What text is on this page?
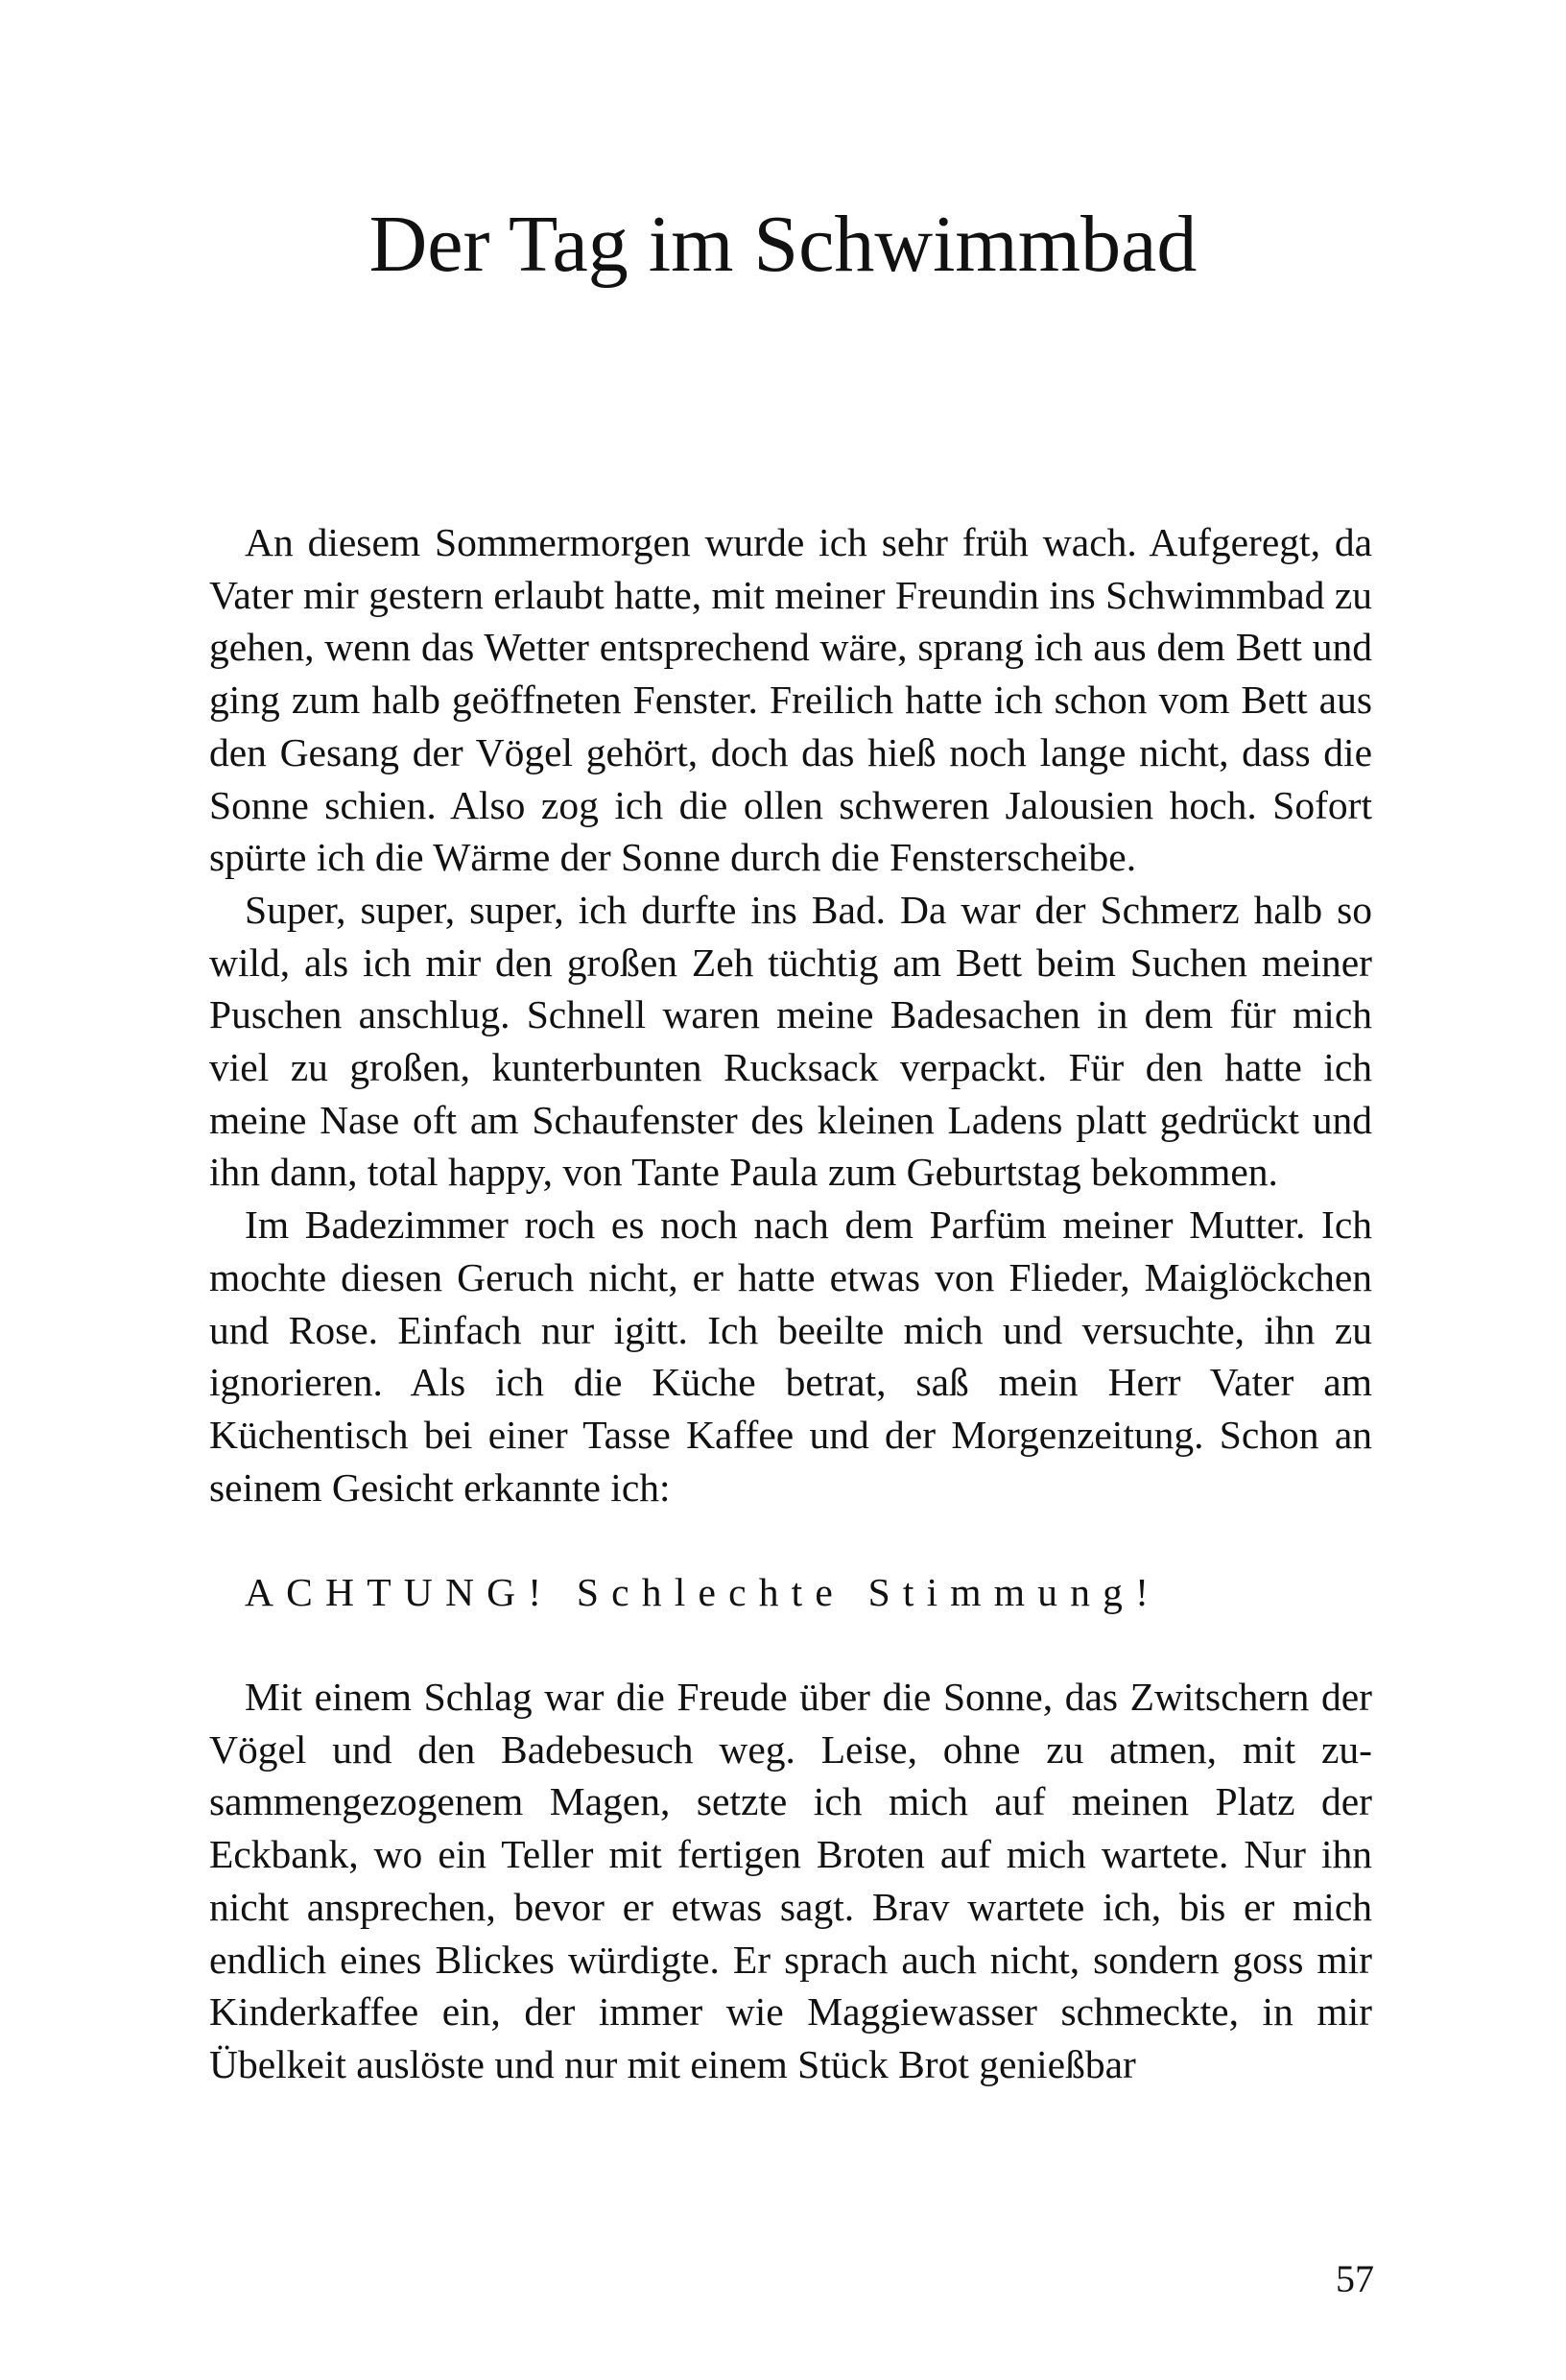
Der Tag im Schwimmbad

An diesem Sommermorgen wurde ich sehr früh wach. Aufgeregt, da Vater mir gestern erlaubt hatte, mit meiner Freundin ins Schwimmbad zu gehen, wenn das Wetter entsprechend wäre, sprang ich aus dem Bett und ging zum halb geöffneten Fenster. Freilich hatte ich schon vom Bett aus den Gesang der Vögel gehört, doch das hieß noch lange nicht, dass die Sonne schien. Also zog ich die ollen schweren Jalousien hoch. Sofort spürte ich die Wärme der Sonne durch die Fensterscheibe.

Super, super, super, ich durfte ins Bad. Da war der Schmerz halb so wild, als ich mir den großen Zeh tüchtig am Bett beim Suchen meiner Puschen anschlug. Schnell waren meine Badesachen in dem für mich viel zu großen, kunterbunten Rucksack verpackt. Für den hatte ich meine Nase oft am Schaufenster des kleinen Ladens platt gedrückt und ihn dann, total happy, von Tante Paula zum Geburtstag bekommen.

Im Badezimmer roch es noch nach dem Parfüm meiner Mutter. Ich mochte diesen Geruch nicht, er hatte etwas von Flieder, Maiglöckchen und Rose. Einfach nur igitt. Ich beeilte mich und versuchte, ihn zu ignorieren. Als ich die Küche betrat, saß mein Herr Vater am Küchentisch bei einer Tasse Kaffee und der Morgenzeitung. Schon an seinem Gesicht erkannte ich:

ACHTUNG! Schlechte Stimmung!

Mit einem Schlag war die Freude über die Sonne, das Zwitschern der Vögel und den Badebesuch weg. Leise, ohne zu atmen, mit zusammengezogenem Magen, setzte ich mich auf meinen Platz der Eckbank, wo ein Teller mit fertigen Broten auf mich wartete. Nur ihn nicht ansprechen, bevor er etwas sagt. Brav wartete ich, bis er mich endlich eines Blickes würdigte. Er sprach auch nicht, sondern goss mir Kinderkaffee ein, der immer wie Maggiewasser schmeckte, in mir Übelkeit auslöste und nur mit einem Stück Brot genießbar

57
